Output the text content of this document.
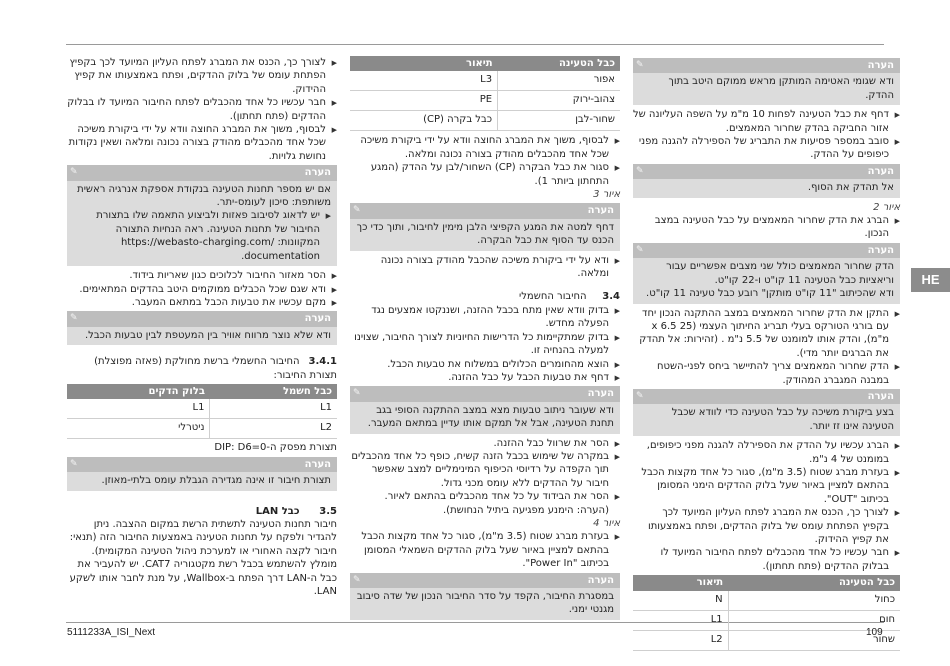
HE
✎	הערה

ודא שגומי האטימה המותקן מראש ממוקם היטב בתוך ההדק.

▶ דחף את כבל הטעינה לפחות 10 מ"מ על השפה העליונה של אזור החביקה בהדק שחרור המאמצים.

▶ סובב במספר פסיעות את התבריג של הספירלה להגנה מפני כיפופים על ההדק.

✎	הערה

אל תהדק את הסוף.

איור 2

▶ הברג את הדק שחרור המאמצים על כבל הטעינה במצב הנכון.

✎	הערה

הדק שחרור המאמצים כולל שני מצבים אפשריים עבור וריאציות כבל הטעינה 11 קו"ט ו-22 קו"ט.

ודא שהכיתוב "11 קו"ט מותקן" רובע כבל טעינה 11 קו"ט.

▶ התקן את הדק שחרור המאמצים במצב ההתקנה הנכון יחד עם בורגי הטורקס בעלי תבריג החיתוך העצמי (25 x 6.5 מ"מ), והדק אותו למומנט של 5.5 נ"מ . (זהירות: אל תהדק את הברגים יותר מדי).

▶ הדק שחרור המאמצים צריך להתיישר ביחס לפני-השטח במבנה המגברג המהודק.

✎	הערה

בצע ביקורת משיכה על כבל הטעינה כדי לוודא שכבל הטעינה אינו זז יותר.

▶ הברג עכשיו על ההדק את הספירלה להגנה מפני כיפופים, במומנט של 4 נ"מ.

▶ בעזרת מברג שטוח (3.5 מ"מ), סגור כל אחד מקצות הכבל בהתאם למציין באיור שעל בלוק ההדקים הימני המסומן בכיתוב "OUT".

▶ לצורך כך, הכנס את המברג לפתח העליון המיועד לכך בקפיץ הפתחת עומס של בלוק ההדקים, ופתח באמצעותו את קפיץ ההידוק.

▶ חבר עכשיו כל אחד מהכבלים לפתח החיבור המיועד לו בבלוק ההדקים (פתח תחתון).

כבל הטעינה	תיאור
כחול	N
חום	L1
שחור	L2
כבל הטעינה	תיאור
אפור	L3
צהוב-ירוק	PE
שחור-לבן	כבל בקרה (CP)

▶ לבסוף, משוך את המברג החוצה וודא על ידי ביקורת משיכה שכל אחד מהכבלים מהודק בצורה נכונה ומלאה.

▶ סגור את כבל הבקרה (CP) השחור/לבן על ההדק (המגע התחתון ביותר 1).

איור 3

✎	הערה

דחף למטה את המגע הקפיצי הלבן מימין לחיבור, ותוך כדי כך הכנס עד הסוף את כבל הבקרה.

▶ ודא על ידי ביקורת משיכה שהכבל מהודק בצורה נכונה ומלאה.

3.4 החיבור החשמלי

▶ בדוק וודא שאין מתח בכבל ההזנה, ושננקטו אמצעים נגד הפעלה מחדש.

▶ בדוק שמתקיימות כל הדרישות החיוניות לצורך החיבור, שצוינו למעלה בהנחיה זו.

▶ הוצא מהחומרים הכלולים במשלוח את טבעות הכבל.

▶ דחף את טבעות הכבל על כבל ההזנה.

✎	הערה

ודא שעובר ניתוב טבעות מצא במצב ההתקנה הסופי בגב תחנת הטעינה, אבל אל תמקם אותו עדיין במתאם המעבר.

▶ הסר את שרוול כבל ההזנה.

▶ במקרה של שימוש בכבל הזנה קשיח, כופף כל אחד מהכבלים תוך הקפדה על רדיוסי הכיפוף המינימליים למצב שאפשר חיבור על ההדקים ללא עומס מכני גדול.

▶ הסר את הבידוד על כל אחד מהכבלים בהתאם לאיור. (הערה: הימנע מפגיעה ביתיל הנחושת).

איור 4

▶ בעזרת מברג שטוח (3.5 מ"מ), סגור כל אחד מקצות הכבל בהתאם למציין באיור שעל בלוק ההדקים השמאלי המסומן בכיתוב "Power In".

✎	הערה

במסגרת החיבור, הקפד על סדר החיבור הנכון של שדה סיבוב מגנטי ימני.

▶ לצורך כך, הכנס את המברג לפתח העליון המיועד לכך בקפיץ הפתחת עומס של בלוק ההדקים, ופתח באמצעותו את קפיץ ההידוק.

▶ חבר עכשיו כל אחד מהכבלים לפתח החיבור המיועד לו בבלוק ההדקים (פתח תחתון).

▶ לבסוף, משוך את המברג החוצה וודא על ידי ביקורת משיכה שכל אחד מהכבלים מהודק בצורה נכונה ומלאה ושאין נקודות נחושת גלויות.

✎	הערה

אם יש מספר תחנות הטעינה בנקודת אספקת אנרגיה ראשית משותפת: סיכון לעומס-יתר.

▶ יש לדאוג לסיבוב פאזות ולביצוע התאמה שלו בתצורת החיבור של תחנות הטעינה. ראה הנחיות התצורה המקוונות: https://webasto-charging.com/ documentation.

▶ הסר מאזור החיבור לכלוכים כגון שאריות בידוד.

▶ ודא שגם שכל הכבלים ממוקמים היטב בהדקים המתאימים.

▶ מקם עכשיו את טבעות הכבל במתאם המעבר.

✎	הערה

ודא שלא נוצר מרווח אוויר בין המעטפת לבין טבעות הכבל.

3.4.1 החיבור החשמלי ברשת מחולקת (פאזה מפוצלת)

תצורת החיבור:

כבל חשמל	בלוק הדקים
L1	L1
L2	ניטרלי

תצורת מפסק ה-DIP: D6=0

✎	הערה

תצורת חיבור זו אינה מגדירה הגבלת עומס בלתי-מאוזן.

3.5 כבל LAN

חיבור תחנות הטעינה לתשתית הרשת במקום ההצבה. ניתן להגדיר ולפקח על תחנות הטעינה באמצעות החיבור הזה (תנאי: חיבור לקצה האחורי או למערכת ניהול הטעינה המקומית). מומלץ להשתמש בכבל רשת מקטגוריה CAT7. יש להעביר את כבל ה-LAN דרך הפתח ב-Wallbox, על מנת לחבר אותו לשקע LAN.

5111233A_ISI_Next	109
